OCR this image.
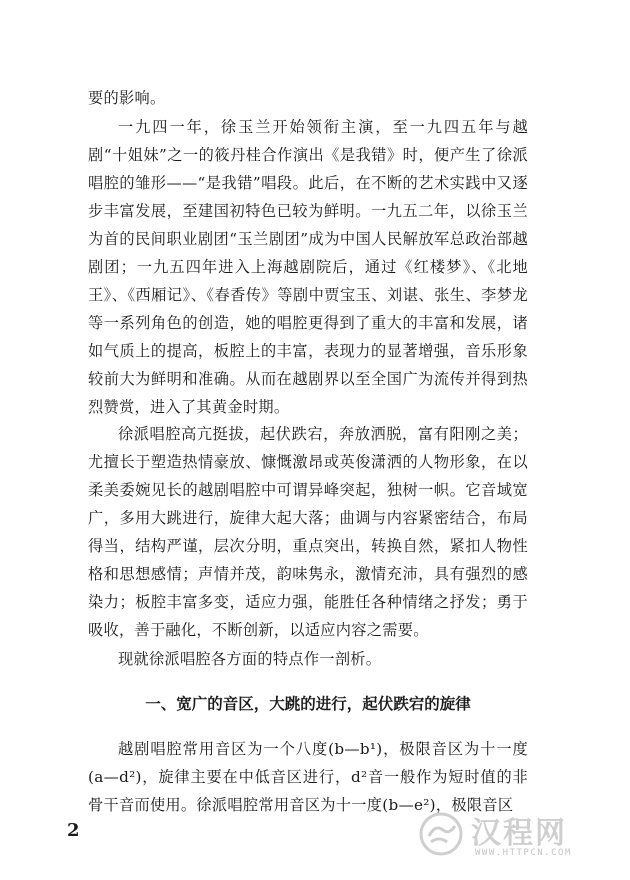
要的影响。

一九四一年，徐玉兰开始领衔主演，至一九四五年与越剧“十姐妹”之一的筱丹桂合作演出《是我错》时，便产生了徐派唱腔的雏形——“是我错”唱段。此后，在不断的艺术实践中又逐步丰富发展，至建国初特色已较为鲜明。一九五二年，以徐玉兰为首的民间职业剧团“玉兰剧团”成为中国人民解放军总政治部越剧团；一九五四年进入上海越剧院后，通过《红楼梦》、《北地王》、《西厢记》、《春香传》等剧中贾宝玉、刘谌、张生、李梦龙等一系列角色的创造，她的唱腔更得到了重大的丰富和发展，诸如气质上的提高，板腔上的丰富，表现力的显著增强，音乐形象较前大为鲜明和准确。从而在越剧界以至全国广为流传并得到热烈赞赏，进入了其黄金时期。

徐派唱腔高亢挺拔，起伏跌宕，奔放洒脱，富有阳刚之美；尤擅长于塑造热情豪放、慷慨激昂或英俊潇洒的人物形象，在以柔美委婉见长的越剧唱腔中可谓异峰突起，独树一帜。它音域宽广，多用大跳进行，旋律大起大落；曲调与内容紧密结合，布局得当，结构严谨，层次分明，重点突出，转换自然，紧扣人物性格和思想感情；声情并茂，韵味隽永，激情充沛，具有强烈的感染力；板腔丰富多变，适应力强，能胜任各种情绪之抒发；勇于吸收，善于融化，不断创新，以适应内容之需要。

现就徐派唱腔各方面的特点作一剖析。

一、宽广的音区，大跳的进行，起伏跌宕的旋律

越剧唱腔常用音区为一个八度(b—b¹)，极限音区为十一度(a—d²)，旋律主要在中低音区进行，d²音一般作为短时值的非骨干音而使用。徐派唱腔常用音区为十一度(b—e²)，极限音区

2	汉程网
WWW.HTTPCN.COM
